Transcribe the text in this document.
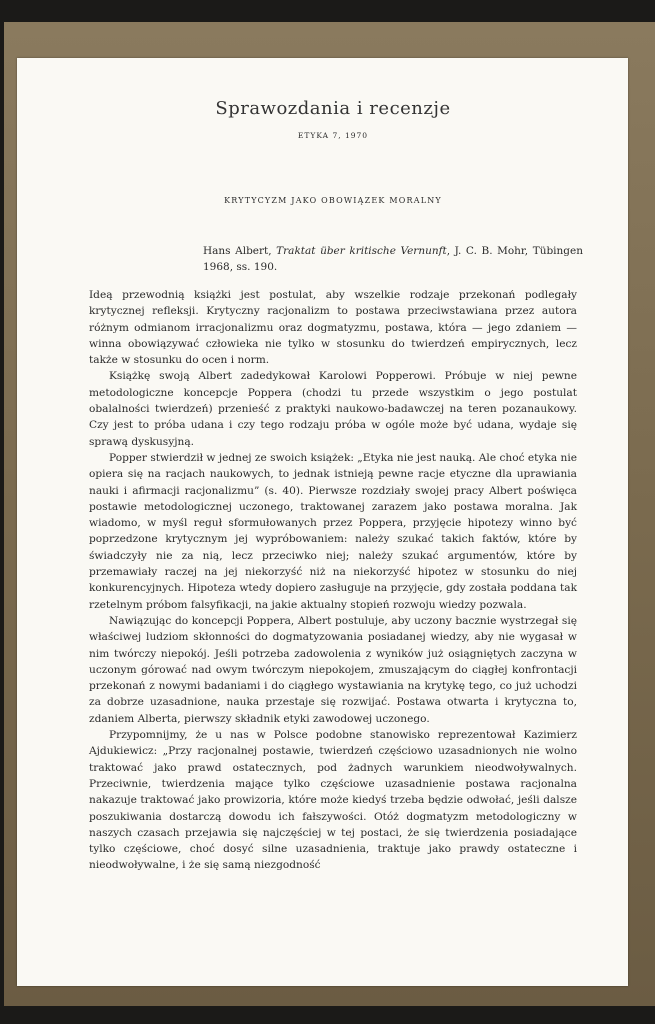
Sprawozdania i recenzje
ETYKA 7, 1970
KRYTYCYZM JAKO OBOWIĄZEK MORALNY
Hans Albert, Traktat über kritische Vernunft, J. C. B. Mohr, Tübingen 1968, ss. 190.

Ideą przewodnią książki jest postulat, aby wszelkie rodzaje przekonań podlegały krytycznej refleksji. Krytyczny racjonalizm to postawa przeciwstawiana przez autora różnym odmianom irracjonalizmu oraz dogmatyzmu, postawa, która — jego zdaniem — winna obowiązywać człowieka nie tylko w stosunku do twierdzeń empirycznych, lecz także w stosunku do ocen i norm.

Książkę swoją Albert zadedykował Karolowi Popperowi. Próbuje w niej pewne metodologiczne koncepcje Poppera (chodzi tu przede wszystkim o jego postulat obalalności twierdzeń) przenieść z praktyki naukowo-badawczej na teren pozanaukowy. Czy jest to próba udana i czy tego rodzaju próba w ogóle może być udana, wydaje się sprawą dyskusyjną.

Popper stwierdził w jednej ze swoich książek: „Etyka nie jest nauką. Ale choć etyka nie opiera się na racjach naukowych, to jednak istnieją pewne racje etyczne dla uprawiania nauki i afirmacji racjonalizmu” (s. 40). Pierwsze rozdziały swojej pracy Albert poświęca postawie metodologicznej uczonego, traktowanej zarazem jako postawa moralna. Jak wiadomo, w myśl reguł sformułowanych przez Poppera, przyjęcie hipotezy winno być poprzedzone krytycznym jej wypróbowaniem: należy szukać takich faktów, które by świadczyły nie za nią, lecz przeciwko niej; należy szukać argumentów, które by przemawiały raczej na jej niekorzyść niż na niekorzyść hipotez w stosunku do niej konkurencyjnych. Hipoteza wtedy dopiero zasługuje na przyjęcie, gdy została poddana tak rzetelnym próbom falsyfikacji, na jakie aktualny stopień rozwoju wiedzy pozwala.

Nawiązując do koncepcji Poppera, Albert postuluje, aby uczony bacznie wystrzegał się właściwej ludziom skłonności do dogmatyzowania posiadanej wiedzy, aby nie wygasał w nim twórczy niepokój. Jeśli potrzeba zadowolenia z wyników już osiągniętych zaczyna w uczonym górować nad owym twórczym niepokojem, zmuszającym do ciągłej konfrontacji przekonań z nowymi badaniami i do ciągłego wystawiania na krytykę tego, co już uchodzi za dobrze uzasadnione, nauka przestaje się rozwijać. Postawa otwarta i krytyczna to, zdaniem Alberta, pierwszy składnik etyki zawodowej uczonego.

Przypomnijmy, że u nas w Polsce podobne stanowisko reprezentował Kazimierz Ajdukiewicz: „Przy racjonalnej postawie, twierdzeń częściowo uzasadnionych nie wolno traktować jako prawd ostatecznych, pod żadnych warunkiem nieodwoływalnych. Przeciwnie, twierdzenia mające tylko częściowe uzasadnienie postawa racjonalna nakazuje traktować jako prowizoria, które może kiedyś trzeba będzie odwołać, jeśli dalsze poszukiwania dostarczą dowodu ich fałszywości. Otóż dogmatyzm metodologiczny w naszych czasach przejawia się najczęściej w tej postaci, że się twierdzenia posiadające tylko częściowe, choć dosyć silne uzasadnienia, traktuje jako prawdy ostateczne i nieodwoływalne, i że się samą niezgodność
